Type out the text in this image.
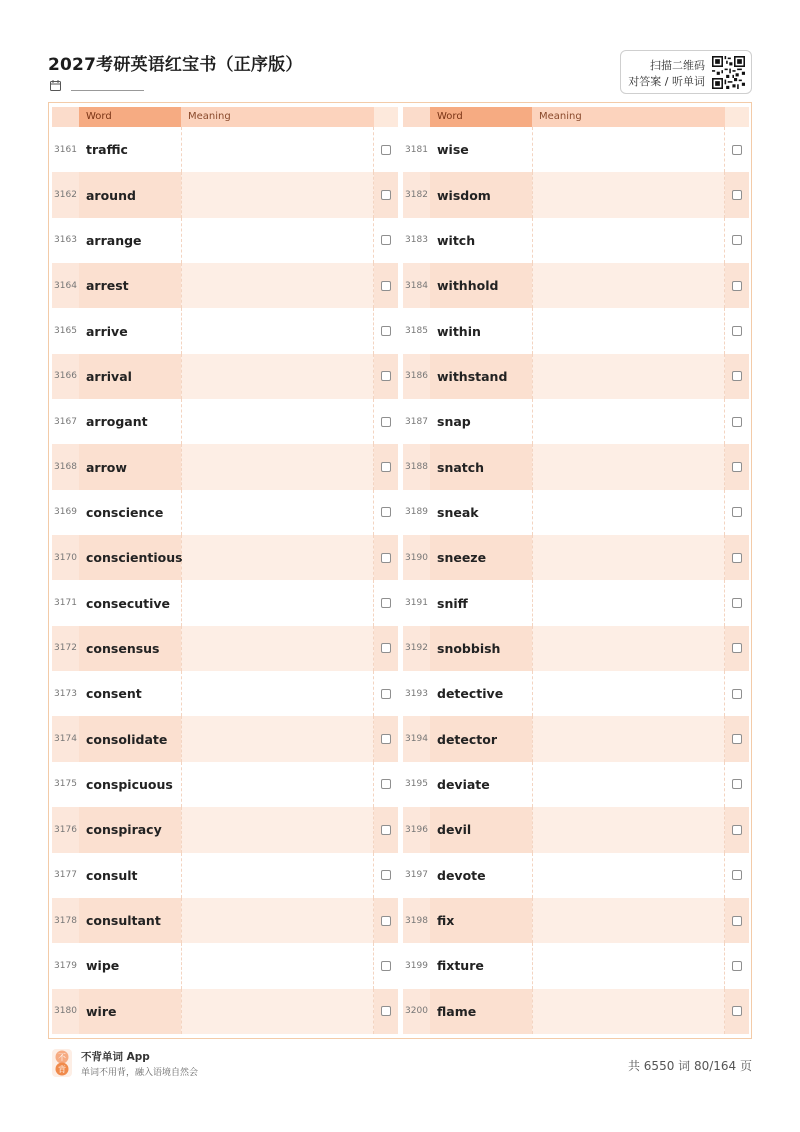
2027考研英语红宝书（正序版）	扫描二维码
对答案 / 听单词
Word	Meaning
3161 traffic
3162 around
3163 arrange
3164 arrest
3165 arrive
3166 arrival
3167 arrogant
3168 arrow
3169 conscience
3170 conscientious
3171 consecutive
3172 consensus
3173 consent
3174 consolidate
3175 conspicuous
3176 conspiracy
3177 consult
3178 consultant
3179 wipe
3180 wire
Word	Meaning
3181 wise
3182 wisdom
3183 witch
3184 withhold
3185 within
3186 withstand
3187 snap
3188 snatch
3189 sneak
3190 sneeze
3191 sniff
3192 snobbish
3193 detective
3194 detector
3195 deviate
3196 devil
3197 devote
3198 fix
3199 fixture
3200 flame
不
背
不背单词 App
单词不用背，融入语境自然会	共 6550 词 80/164 页
